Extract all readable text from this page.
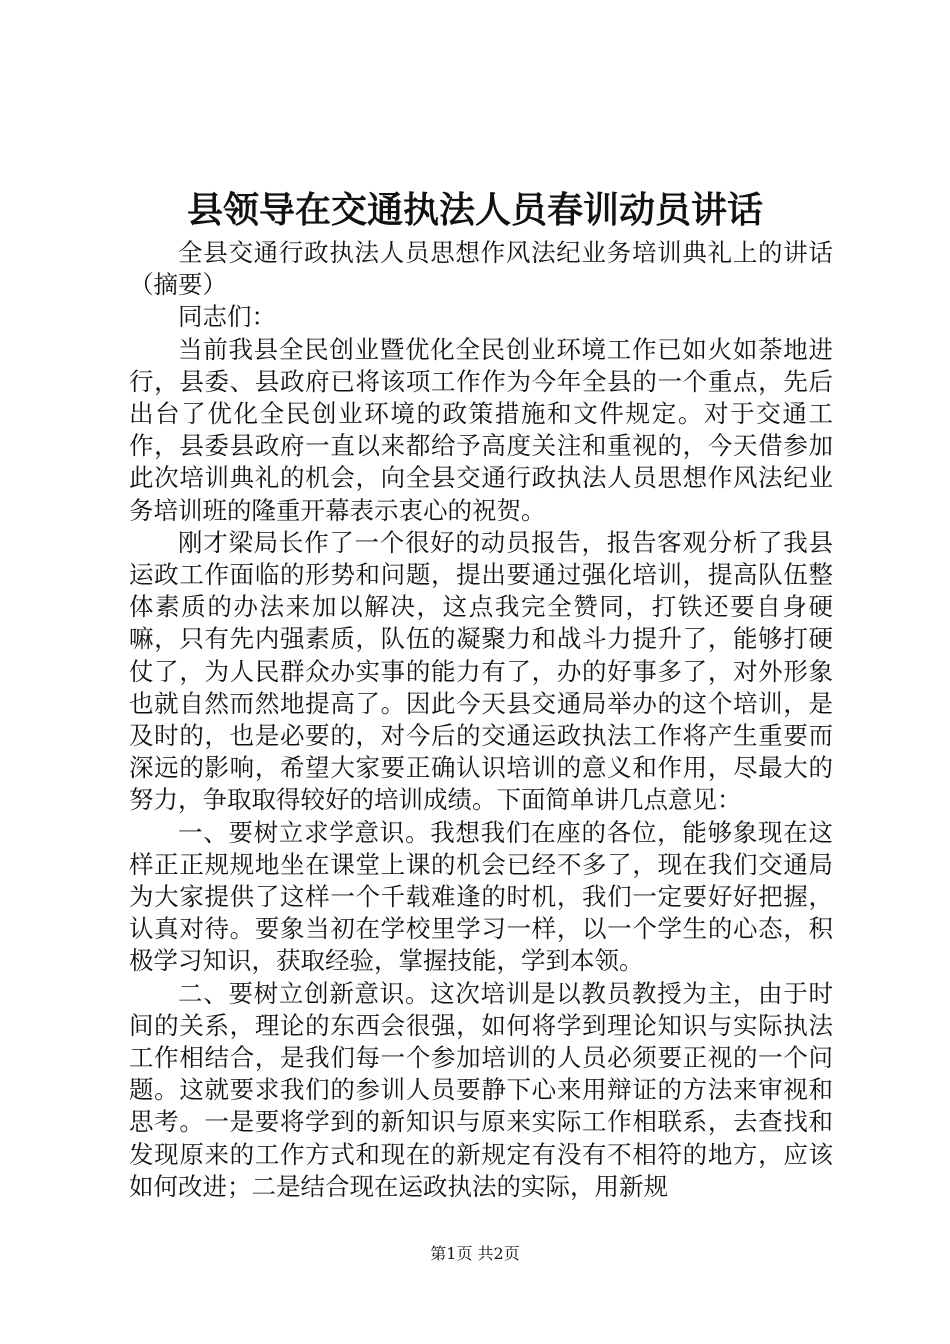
县领导在交通执法人员春训动员讲话

全县交通行政执法人员思想作风法纪业务培训典礼上的讲话（摘要）

同志们：

当前我县全民创业暨优化全民创业环境工作已如火如荼地进行，县委、县政府已将该项工作作为今年全县的一个重点，先后出台了优化全民创业环境的政策措施和文件规定。对于交通工作，县委县政府一直以来都给予高度关注和重视的，今天借参加此次培训典礼的机会，向全县交通行政执法人员思想作风法纪业务培训班的隆重开幕表示衷心的祝贺。

刚才梁局长作了一个很好的动员报告，报告客观分析了我县运政工作面临的形势和问题，提出要通过强化培训，提高队伍整体素质的办法来加以解决，这点我完全赞同，打铁还要自身硬嘛，只有先内强素质，队伍的凝聚力和战斗力提升了，能够打硬仗了，为人民群众办实事的能力有了，办的好事多了，对外形象也就自然而然地提高了。因此今天县交通局举办的这个培训，是及时的，也是必要的，对今后的交通运政执法工作将产生重要而深远的影响，希望大家要正确认识培训的意义和作用，尽最大的努力，争取取得较好的培训成绩。下面简单讲几点意见：

一、要树立求学意识。我想我们在座的各位，能够象现在这样正正规规地坐在课堂上课的机会已经不多了，现在我们交通局为大家提供了这样一个千载难逢的时机，我们一定要好好把握，认真对待。要象当初在学校里学习一样，以一个学生的心态，积极学习知识，获取经验，掌握技能，学到本领。

二、要树立创新意识。这次培训是以教员教授为主，由于时间的关系，理论的东西会很强，如何将学到理论知识与实际执法工作相结合，是我们每一个参加培训的人员必须要正视的一个问题。这就要求我们的参训人员要静下心来用辩证的方法来审视和思考。一是要将学到的新知识与原来实际工作相联系，去查找和发现原来的工作方式和现在的新规定有没有不相符的地方，应该如何改进；二是结合现在运政执法的实际，用新规

第1页 共2页
